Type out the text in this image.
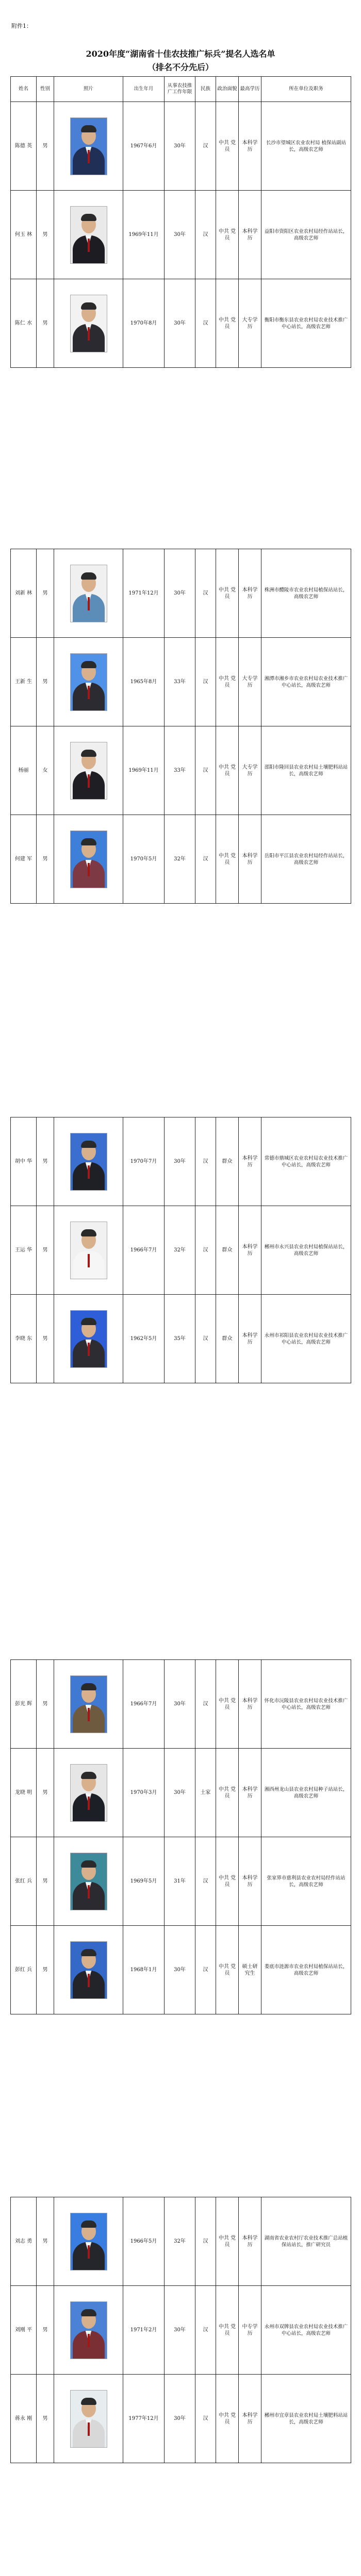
附件1：
2020年度“湖南省十佳农技推广标兵”提名人选名单
（排名不分先后）
姓名	性别	照片	出生年月	从事农技推广工作年限	民族	政治面貌	最高学历	所在单位及职务
陈德 英	男		1967年6月	30年	汉	中共 党员	本科学历	长沙市望城区农业农村局 植保站副站长，高级农艺师
何玉 林	男		1969年11月	30年	汉	中共 党员	本科学历	益阳市资阳区农业农村局经作站站长，高级农艺师
陈仁 水	男		1970年8月	30年	汉	中共 党员	大专学历	衡阳市衡东县农业农村局农业技术推广中心站长，高级农艺师
刘新 林	男		1971年12月	30年	汉	中共 党员	本科学历	株洲市醴陵市农业农村局植保站站长，高级农艺师
王新 生	男		1965年8月	33年	汉	中共 党员	大专学历	湘潭市湘乡市农业农村局农业技术推广中心站长，高级农艺师
杨丽	女		1969年11月	33年	汉	中共 党员	大专学历	邵阳市隆回县农业农村局土壤肥料站站长，高级农艺师
何建 军	男		1970年5月	32年	汉	中共 党员	本科学历	岳阳市平江县农业农村局经作站站长，高级农艺师
胡中 华	男		1970年7月	30年	汉	群众	本科学历	常德市鼎城区农业农村局农业技术推广中心站长，高级农艺师
王运 华	男		1966年7月	32年	汉	群众	本科学历	郴州市永兴县农业农村局植保站站长，高级农艺师
李晓 东	男		1962年5月	35年	汉	群众	本科学历	永州市祁阳县农业农村局农业技术推广中心站长，高级农艺师
彭光 辉	男		1966年7月	30年	汉	中共 党员	本科学历	怀化市沅陵县农业农村局农业技术推广中心站长，高级农艺师
龙晓 明	男		1970年3月	30年	土家	中共 党员	本科学历	湘西州龙山县农业农村局种子站站长，高级农艺师
张红 兵	男		1969年5月	31年	汉	中共 党员	本科学历	张家界市慈利县农业农村局经作站站长，高级农艺师
彭红 兵	男		1968年1月	30年	汉	中共 党员	硕士研究生	娄底市涟源市农业农村局植保站站长，高级农艺师
刘志 勇	男		1966年5月	32年	汉	中共 党员	本科学历	湖南省农业农村厅农业技术推广总站植保站站长，推广研究员
刘刚 平	男		1971年2月	30年	汉	中共 党员	中专学历	永州市双牌县农业农村局农业技术推广中心站长，高级农艺师
蒋永 刚	男		1977年12月	30年	汉	中共 党员	本科学历	郴州市宜章县农业农村局土壤肥料站站长，高级农艺师
